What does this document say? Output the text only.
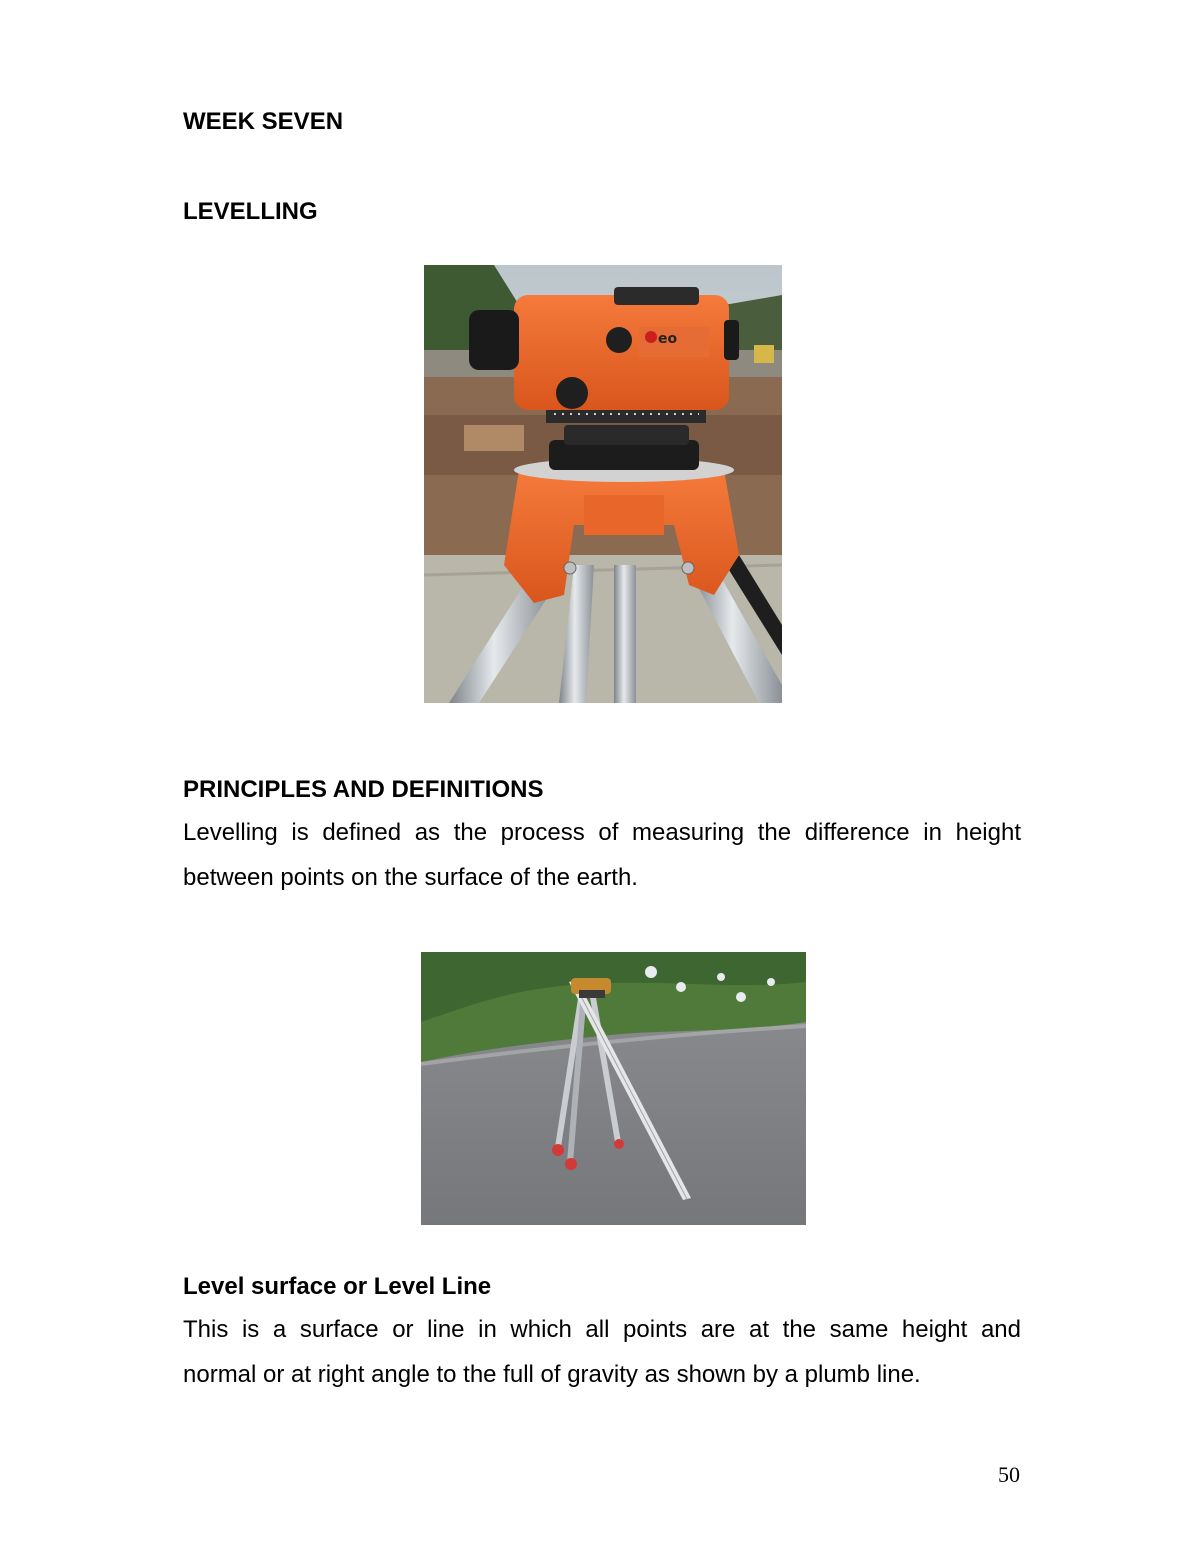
WEEK SEVEN
LEVELLING
eo
PRINCIPLES AND DEFINITIONS
Levelling is defined as the process of measuring the difference in height
between points on the surface of the earth.
Level surface or Level Line
This is a surface or line in which all points are at the same height and
normal or at right angle to the full of gravity as shown by a plumb line.
50
